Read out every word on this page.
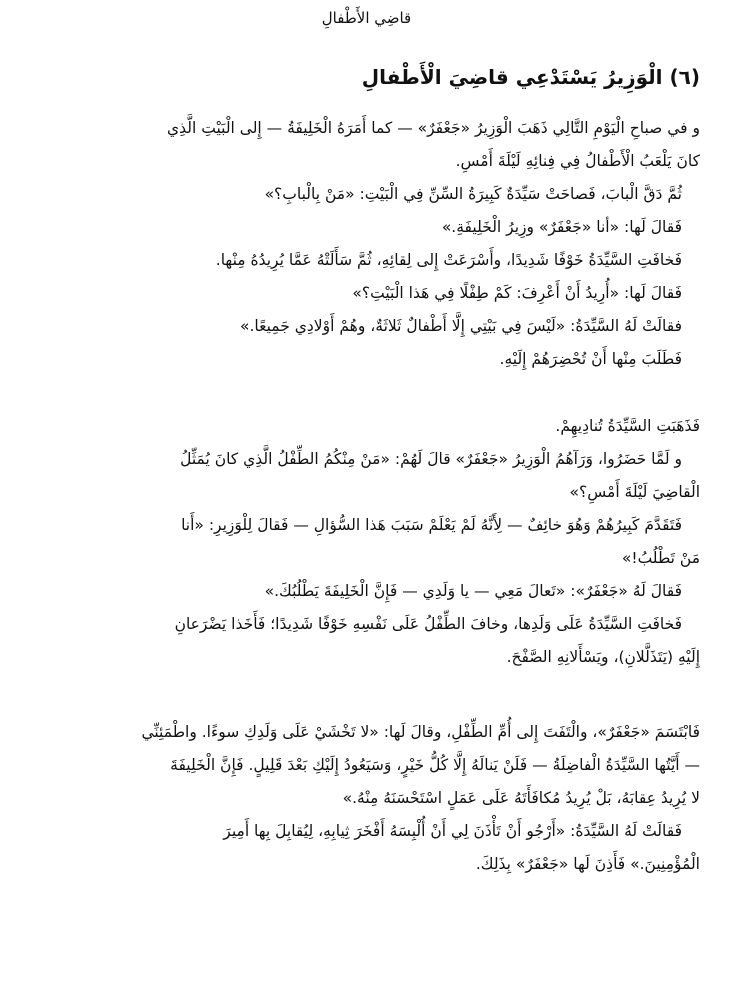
قاضِي الأَطْفالِ
(٦) الْوَزِيرُ يَسْتَدْعِي قاضِيَ الْأَطْفالِ
و في صباحِ الْيَوْمِ التَّالِي ذَهَبَ الْوَزِيرُ «جَعْفَرٌ» — كما أَمَرَهُ الْخَلِيفَةُ — إِلى الْبَيْتِ الَّذِي
كانَ يَلْعَبُ الْأَطْفالُ فِي فِنائِهِ لَيْلَةَ أَمْسِ.
ثُمَّ دَقَّ الْبابَ، فَصاحَتْ سَيِّدَةٌ كَبِيرَةُ السِّنِّ فِي الْبَيْتِ: «مَنْ بِالْبابِ؟»
فَقالَ لَها: «أنا «جَعْفَرٌ» وزِيرُ الْخَلِيفَةِ.»
فَخافَتِ السَّيِّدَةُ خَوْفًا شَدِيدًا، وأَسْرَعَتْ إِلى لِقائِهِ، ثُمَّ سَأَلَتْهُ عَمَّا يُرِيدُهُ مِنْها.
فَقالَ لَها: «أُرِيدُ أَنْ أَعْرِفَ: كَمْ طِفْلًا فِي هَذا الْبَيْتِ؟»
فقالَتْ لَهُ السَّيِّدَةُ: «لَيْسَ فِي بَيْتِي إِلَّا أَطْفالٌ ثَلاثَةٌ، وهُمْ أَوْلادِي جَمِيعًا.»
فَطَلَبَ مِنْها أَنْ تُحْضِرَهُمْ إِلَيْهِ.
فَذَهَبَتِ السَّيِّدَةُ تُنادِيهِمْ.
و لَمَّا حَضَرُوا، وَرَآهُمُ الْوَزِيرُ «جَعْفَرٌ» قالَ لَهُمْ: «مَنْ مِنْكُمُ الطِّفْلُ الَّذِي كانَ يُمَثِّلُ
الْقاضِيَ لَيْلَةَ أَمْسِ؟»
فَتَقَدَّمَ كَبِيرُهُمْ وَهُوَ خائِفٌ — لِأَنَّهُ لَمْ يَعْلَمْ سَبَبَ هَذا السُّؤالِ — فَقالَ لِلْوَزِيرِ: «أَنا
مَنْ تَطْلُبُ!»
فَقالَ لَهُ «جَعْفَرٌ»: «تَعالَ مَعِي — يا وَلَدِي — فَإِنَّ الْخَلِيفَةَ يَطْلُبُكَ.»
فَخافَتِ السَّيِّدَةُ عَلَى وَلَدِها، وخافَ الطِّفْلُ عَلَى نَفْسِهِ خَوْفًا شَدِيدًا؛ فَأَخَذا يَضْرَعانِ
إِلَيْهِ (يَتَذَلَّلانِ)، ويَسْأَلانِهِ الصَّفْحَ.
فَابْتَسَمَ «جَعْفَرٌ»، والْتَفَتَ إِلى أُمِّ الطِّفْلِ، وقالَ لَها: «لا تَخْشَيْ عَلَى وَلَدِكِ سوءًا. واطْمَئِنِّي
— أَيَّتُها السَّيِّدَةُ الْفاضِلَةُ — فَلَنْ يَنالَهُ إِلَّا كُلُّ خَيْرٍ، وَسَيَعُودُ إِلَيْكِ بَعْدَ قَلِيلٍ. فَإِنَّ الْخَلِيفَةَ
لا يُرِيدُ عِقابَهُ، بَلْ يُرِيدُ مُكافَأَتَهُ عَلَى عَمَلٍ اسْتَحْسَنَهُ مِنْهُ.»
فَقالَتْ لَهُ السَّيِّدَةُ: «أَرْجُو أَنْ تَأْذَنَ لِي أَنْ أُلْبِسَهُ أَفْخَرَ ثِيابِهِ، لِيُقابِلَ بِها أَمِيرَ
الْمُؤْمِنِينَ.» فَأَذِنَ لَها «جَعْفَرٌ» بِذَلِكَ.
